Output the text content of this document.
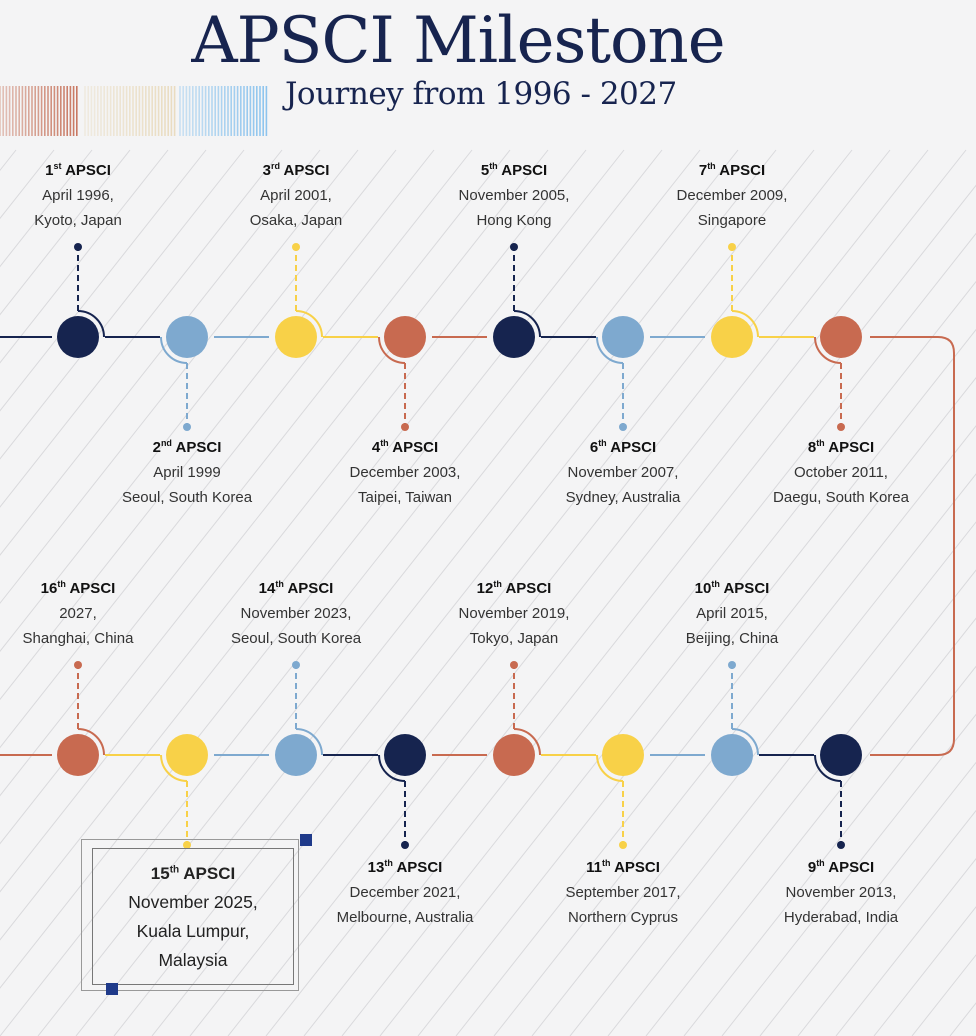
APSCI Milestone
Journey from 1996 - 2027
1st APSCI
April 1996,
Kyoto, Japan
2nd APSCI
April 1999
Seoul, South Korea
3rd APSCI
April 2001,
Osaka, Japan
4th APSCI
December 2003,
Taipei, Taiwan
5th APSCI
November 2005,
Hong Kong
6th APSCI
November 2007,
Sydney, Australia
7th APSCI
December 2009,
Singapore
8th APSCI
October 2011,
Daegu, South Korea
9th APSCI
November 2013,
Hyderabad, India
10th APSCI
April 2015,
Beijing, China
11th APSCI
September 2017,
Northern Cyprus
12th APSCI
November 2019,
Tokyo, Japan
13th APSCI
December 2021,
Melbourne, Australia
14th APSCI
November 2023,
Seoul, South Korea
16th APSCI
2027,
Shanghai, China
15th APSCI
November 2025,
Kuala Lumpur,
Malaysia
